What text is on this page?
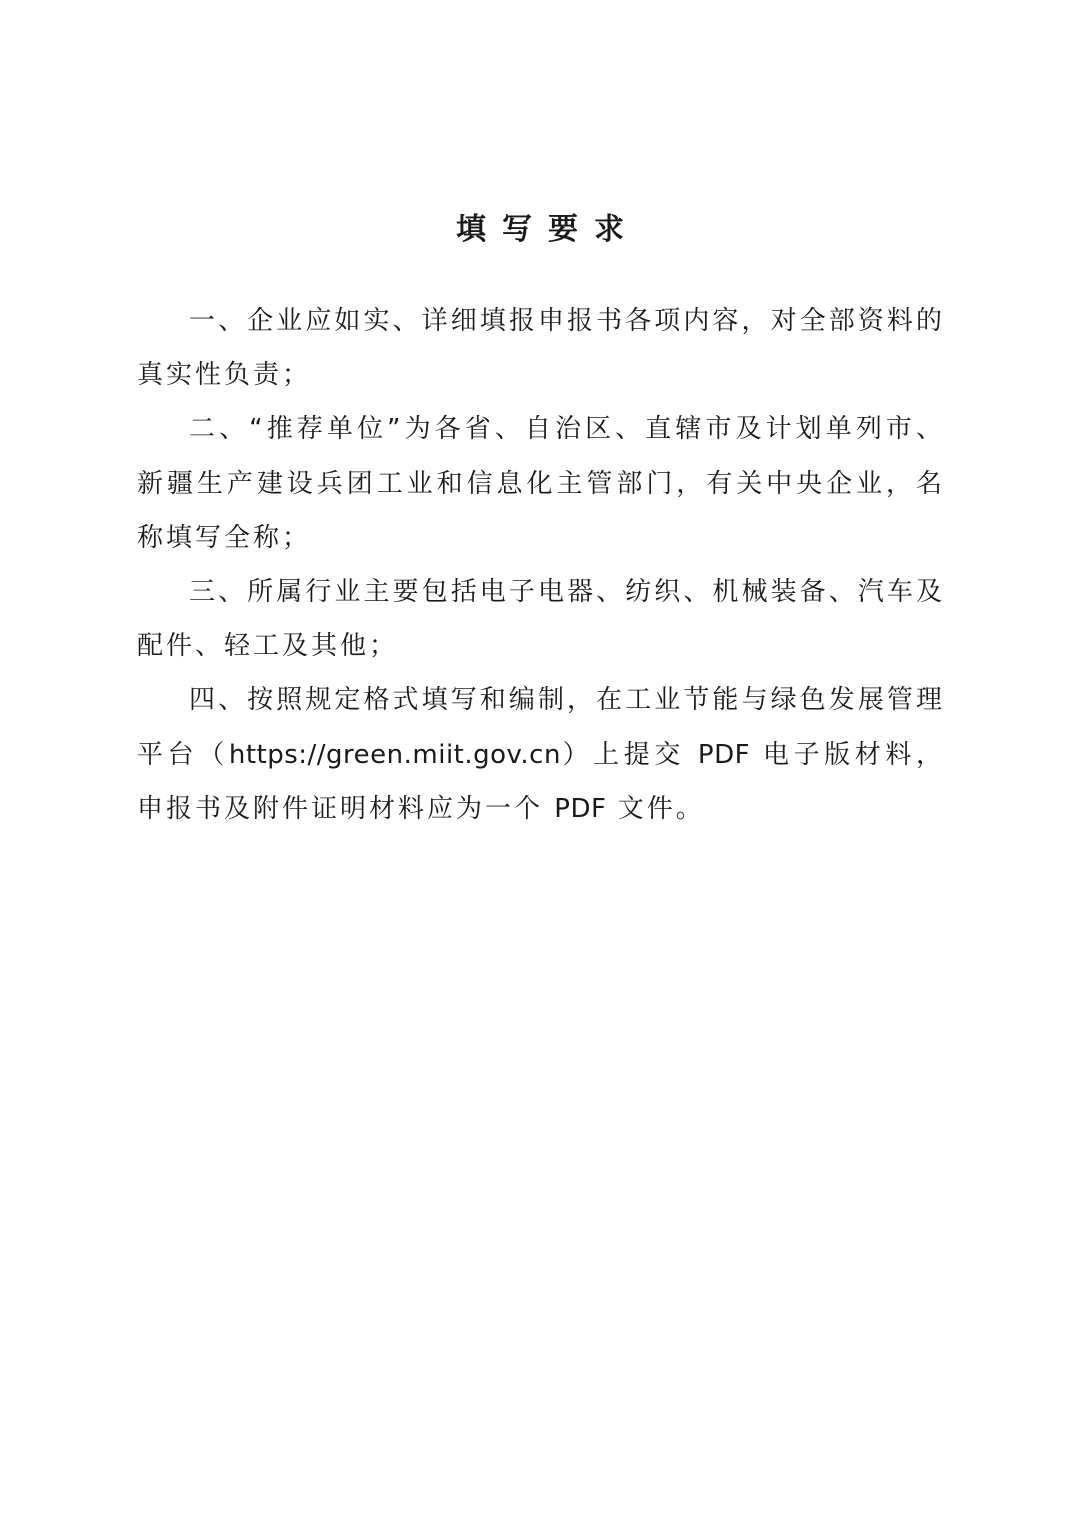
填写要求

一、企业应如实、详细填报申报书各项内容，对全部资料的真实性负责；

二、“推荐单位”为各省、自治区、直辖市及计划单列市、新疆生产建设兵团工业和信息化主管部门，有关中央企业，名称填写全称；

三、所属行业主要包括电子电器、纺织、机械装备、汽车及配件、轻工及其他；

四、按照规定格式填写和编制，在工业节能与绿色发展管理平台（https://green.miit.gov.cn）上提交 PDF 电子版材料，申报书及附件证明材料应为一个 PDF 文件。
